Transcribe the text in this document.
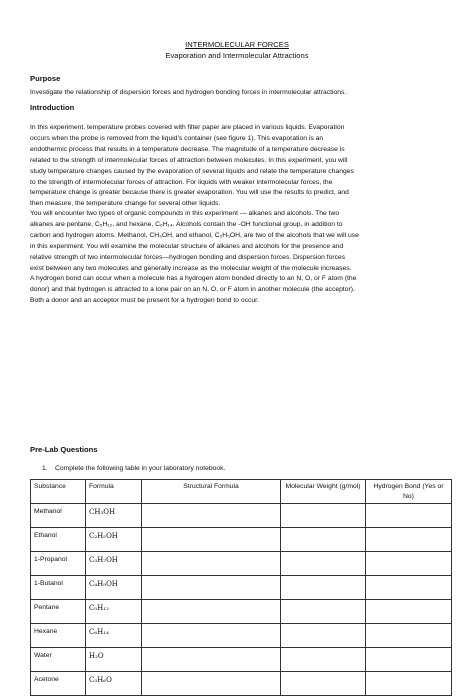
INTERMOLECULAR FORCES
Evaporation and Intermolecular Attractions
Purpose
Investigate the relationship of dispersion forces and hydrogen bonding forces in intermolecular attractions.
Introduction
In this experiment, temperature probes covered with filter paper are placed in various liquids. Evaporation
occurs when the probe is removed from the liquid’s container (see figure 1). This evaporation is an
endothermic process that results in a temperature decrease. The magnitude of a temperature decrease is
related to the strength of intermolecular forces of attraction between molecules. In this experiment, you will
study temperature changes caused by the evaporation of several liquids and relate the temperature changes
to the strength of intermolecular forces of attraction. For liquids with weaker intermolecular forces, the
temperature change is greater because there is greater evaporation. You will use the results to predict, and
then measure, the temperature change for several other liquids.
You will encounter two types of organic compounds in this experiment — alkanes and alcohols. The two
alkanes are pentane, C₅H₁₂, and hexane, C₆H₁₄. Alcohols contain the -OH functional group, in addition to
carbon and hydrogen atoms. Methanol, CH₃OH, and ethanol, C₂H₅OH, are two of the alcohols that we will use
in this experiment. You will examine the molecular structure of alkanes and alcohols for the presence and
relative strength of two intermolecular forces—hydrogen bonding and dispersion forces. Dispersion forces
exist between any two molecules and generally increase as the molecular weight of the molecule increases.
A hydrogen bond can occur when a molecule has a hydrogen atom bonded directly to an N, O, or F atom (the
donor) and that hydrogen is attracted to a lone pair on an N, O, or F atom in another molecule (the acceptor).
Both a donor and an acceptor must be present for a hydrogen bond to occur.
Pre-Lab Questions
1. Complete the following table in your laboratory notebook.
Substance	Formula	Structural Formula	Molecular Weight (g/mol)	Hydrogen Bond (Yes or No)
Methanol	CH₃OH			
Ethanol	C₂H₅OH			
1-Propanol	C₃H₇OH			
1-Butanol	C₄H₉OH			
Pentane	C₅H₁₂			
Hexane	C₆H₁₄			
Water	H₂O			
Acetone	C₃H₆O			
